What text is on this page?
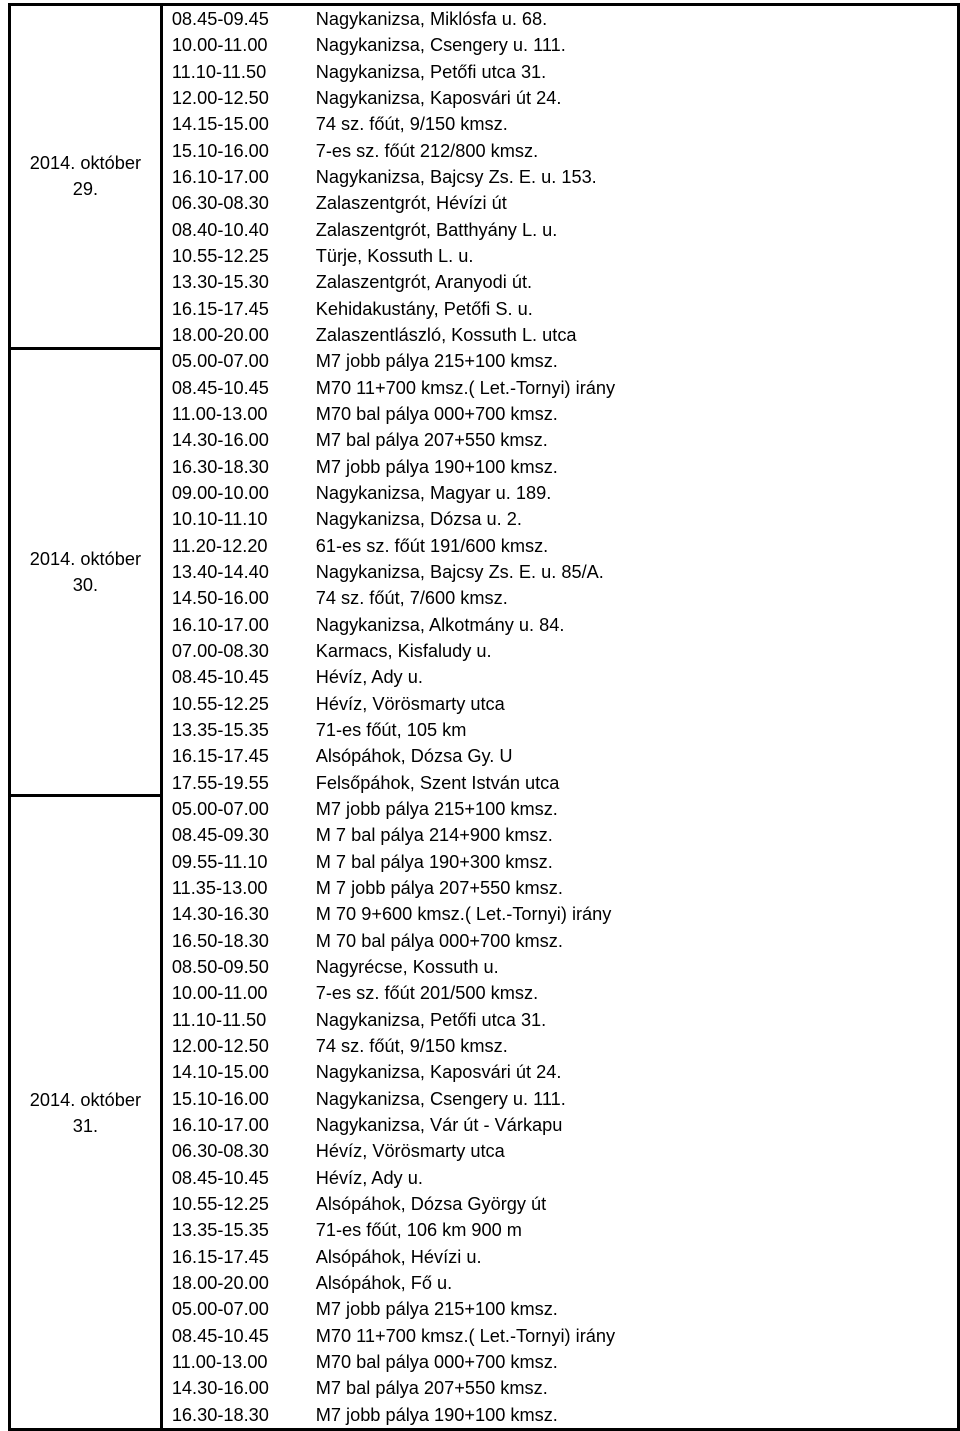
2014. október
29.	08.45-09.45	Nagykanizsa, Miklósfa u. 68.
	10.00-11.00	Nagykanizsa, Csengery u. 111.
	11.10-11.50	Nagykanizsa, Petőfi utca 31.
	12.00-12.50	Nagykanizsa, Kaposvári út 24.
	14.15-15.00	74 sz. főút, 9/150 kmsz.
	15.10-16.00	7-es sz. főút 212/800 kmsz.
	16.10-17.00	Nagykanizsa, Bajcsy Zs. E. u. 153.
	06.30-08.30	Zalaszentgrót, Hévízi út
	08.40-10.40	Zalaszentgrót, Batthyány L. u.
	10.55-12.25	Türje, Kossuth L. u.
	13.30-15.30	Zalaszentgrót, Aranyodi út.
	16.15-17.45	Kehidakustány, Petőfi S. u.
	18.00-20.00	Zalaszentlászló, Kossuth L. utca

2014. október
30.	05.00-07.00	M7 jobb pálya 215+100 kmsz.
	08.45-10.45	M70 11+700 kmsz.( Let.-Tornyi) irány
	11.00-13.00	M70 bal pálya 000+700 kmsz.
	14.30-16.00	M7 bal pálya 207+550 kmsz.
	16.30-18.30	M7 jobb pálya 190+100 kmsz.
	09.00-10.00	Nagykanizsa, Magyar u. 189.
	10.10-11.10	Nagykanizsa, Dózsa u. 2.
	11.20-12.20	61-es sz. főút 191/600 kmsz.
	13.40-14.40	Nagykanizsa, Bajcsy Zs. E. u. 85/A.
	14.50-16.00	74 sz. főút, 7/600 kmsz.
	16.10-17.00	Nagykanizsa, Alkotmány u. 84.
	07.00-08.30	Karmacs, Kisfaludy u.
	08.45-10.45	Hévíz, Ady u.
	10.55-12.25	Hévíz, Vörösmarty utca
	13.35-15.35	71-es főút, 105 km
	16.15-17.45	Alsópáhok, Dózsa Gy. U
	17.55-19.55	Felsőpáhok, Szent István utca

2014. október
31.	05.00-07.00	M7 jobb pálya 215+100 kmsz.
	08.45-09.30	M 7 bal pálya 214+900 kmsz.
	09.55-11.10	M 7 bal pálya 190+300 kmsz.
	11.35-13.00	M 7 jobb pálya 207+550 kmsz.
	14.30-16.30	M 70 9+600 kmsz.( Let.-Tornyi) irány
	16.50-18.30	M 70 bal pálya 000+700 kmsz.
	08.50-09.50	Nagyrécse, Kossuth u.
	10.00-11.00	7-es sz. főút 201/500 kmsz.
	11.10-11.50	Nagykanizsa, Petőfi utca 31.
	12.00-12.50	74 sz. főút, 9/150 kmsz.
	14.10-15.00	Nagykanizsa, Kaposvári út 24.
	15.10-16.00	Nagykanizsa, Csengery u. 111.
	16.10-17.00	Nagykanizsa, Vár út - Várkapu
	06.30-08.30	Hévíz, Vörösmarty utca
	08.45-10.45	Hévíz, Ady u.
	10.55-12.25	Alsópáhok, Dózsa György út
	13.35-15.35	71-es főút, 106 km 900 m
	16.15-17.45	Alsópáhok, Hévízi u.
	18.00-20.00	Alsópáhok, Fő u.
	05.00-07.00	M7 jobb pálya 215+100 kmsz.
	08.45-10.45	M70 11+700 kmsz.( Let.-Tornyi) irány
	11.00-13.00	M70 bal pálya 000+700 kmsz.
	14.30-16.00	M7 bal pálya 207+550 kmsz.
	16.30-18.30	M7 jobb pálya 190+100 kmsz.
